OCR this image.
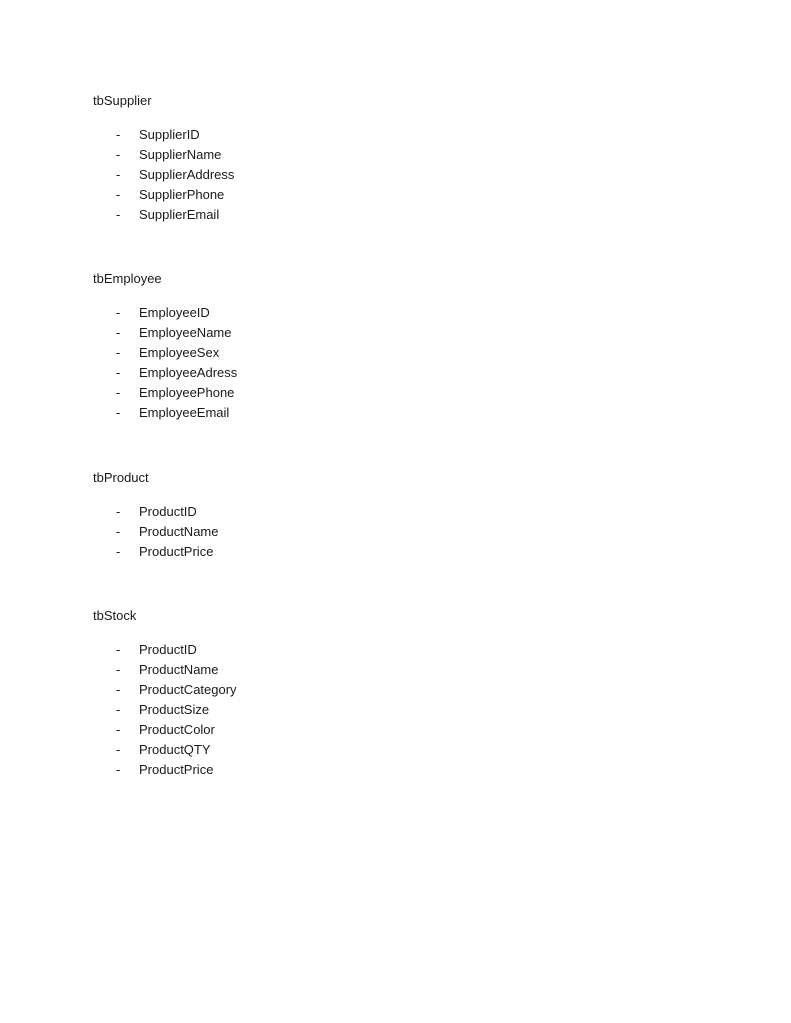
tbSupplier
- SupplierID
- SupplierName
- SupplierAddress
- SupplierPhone
- SupplierEmail
tbEmployee
- EmployeeID
- EmployeeName
- EmployeeSex
- EmployeeAdress
- EmployeePhone
- EmployeeEmail
tbProduct
- ProductID
- ProductName
- ProductPrice
tbStock
- ProductID
- ProductName
- ProductCategory
- ProductSize
- ProductColor
- ProductQTY
- ProductPrice
